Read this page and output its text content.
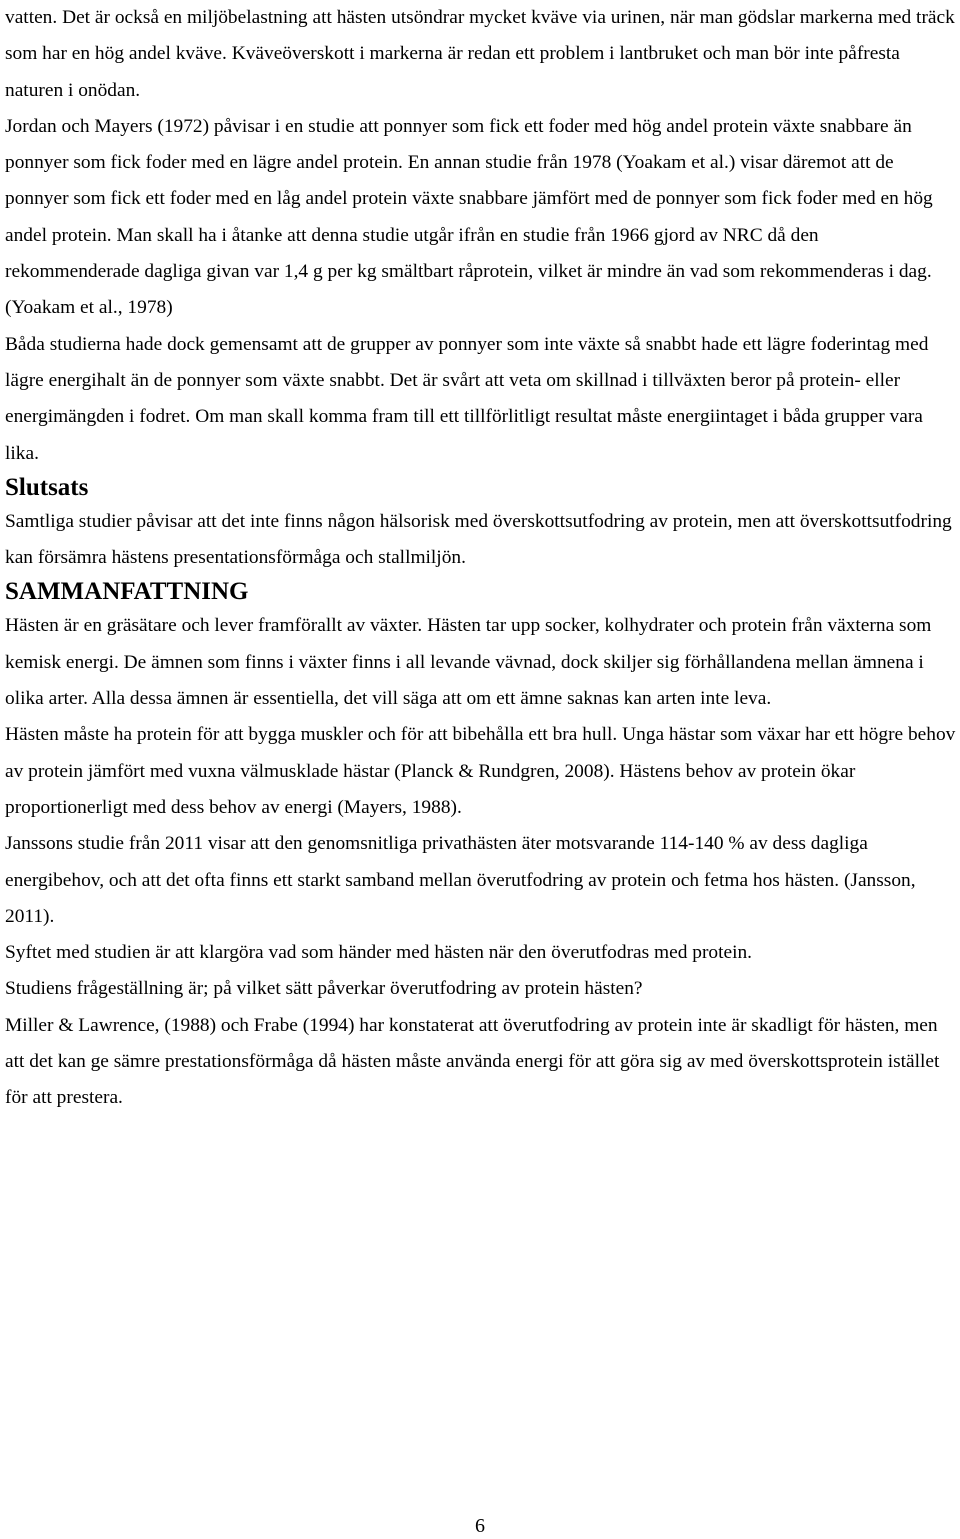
vatten. Det är också en miljöbelastning att hästen utsöndrar mycket kväve via urinen, när man gödslar markerna med träck som har en hög andel kväve. Kväveöverskott i markerna är redan ett problem i lantbruket och man bör inte påfresta naturen i onödan.

Jordan och Mayers (1972) påvisar i en studie att ponnyer som fick ett foder med hög andel protein växte snabbare än ponnyer som fick foder med en lägre andel protein. En annan studie från 1978 (Yoakam et al.) visar däremot att de ponnyer som fick ett foder med en låg andel protein växte snabbare jämfört med de ponnyer som fick foder med en hög andel protein. Man skall ha i åtanke att denna studie utgår ifrån en studie från 1966 gjord av NRC då den rekommenderade dagliga givan var 1,4 g per kg smältbart råprotein, vilket är mindre än vad som rekommenderas i dag. (Yoakam et al., 1978)

Båda studierna hade dock gemensamt att de grupper av ponnyer som inte växte så snabbt hade ett lägre foderintag med lägre energihalt än de ponnyer som växte snabbt. Det är svårt att veta om skillnad i tillväxten beror på protein- eller energimängden i fodret. Om man skall komma fram till ett tillförlitligt resultat måste energiintaget i båda grupper vara lika.

Slutsats

Samtliga studier påvisar att det inte finns någon hälsorisk med överskottsutfodring av protein, men att överskottsutfodring kan försämra hästens presentationsförmåga och stallmiljön.

SAMMANFATTNING

Hästen är en gräsätare och lever framförallt av växter. Hästen tar upp socker, kolhydrater och protein från växterna som kemisk energi. De ämnen som finns i växter finns i all levande vävnad, dock skiljer sig förhållandena mellan ämnena i olika arter. Alla dessa ämnen är essentiella, det vill säga att om ett ämne saknas kan arten inte leva.

Hästen måste ha protein för att bygga muskler och för att bibehålla ett bra hull. Unga hästar som växar har ett högre behov av protein jämfört med vuxna välmusklade hästar (Planck & Rundgren, 2008). Hästens behov av protein ökar proportionerligt med dess behov av energi (Mayers, 1988).

Janssons studie från 2011 visar att den genomsnitliga privathästen äter motsvarande 114-140 % av dess dagliga energibehov, och att det ofta finns ett starkt samband mellan överutfodring av protein och fetma hos hästen. (Jansson, 2011).

Syftet med studien är att klargöra vad som händer med hästen när den överutfodras med protein.

Studiens frågeställning är; på vilket sätt påverkar överutfodring av protein hästen?

Miller & Lawrence, (1988) och Frabe (1994) har konstaterat att överutfodring av protein inte är skadligt för hästen, men att det kan ge sämre prestationsförmåga då hästen måste använda energi för att göra sig av med överskottsprotein istället för att prestera.

6
